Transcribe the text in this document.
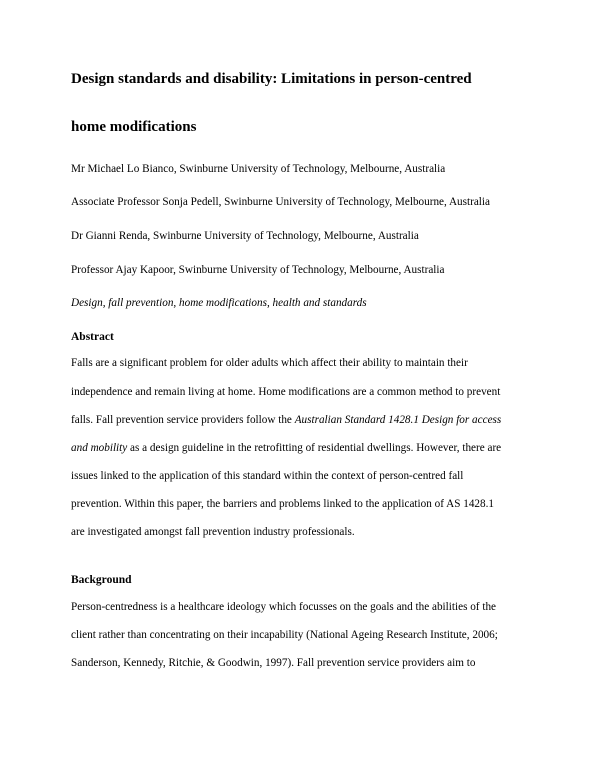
Design standards and disability: Limitations in person-centred
home modifications

Mr Michael Lo Bianco, Swinburne University of Technology, Melbourne, Australia

Associate Professor Sonja Pedell, Swinburne University of Technology, Melbourne, Australia

Dr Gianni Renda, Swinburne University of Technology, Melbourne, Australia

Professor Ajay Kapoor, Swinburne University of Technology, Melbourne, Australia

Design, fall prevention, home modifications, health and standards

Abstract

Falls are a significant problem for older adults which affect their ability to maintain their

independence and remain living at home. Home modifications are a common method to prevent

falls. Fall prevention service providers follow the Australian Standard 1428.1 Design for access

and mobility as a design guideline in the retrofitting of residential dwellings. However, there are

issues linked to the application of this standard within the context of person-centred fall

prevention. Within this paper, the barriers and problems linked to the application of AS 1428.1

are investigated amongst fall prevention industry professionals.

Background

Person-centredness is a healthcare ideology which focusses on the goals and the abilities of the

client rather than concentrating on their incapability (National Ageing Research Institute, 2006;

Sanderson, Kennedy, Ritchie, & Goodwin, 1997). Fall prevention service providers aim to
